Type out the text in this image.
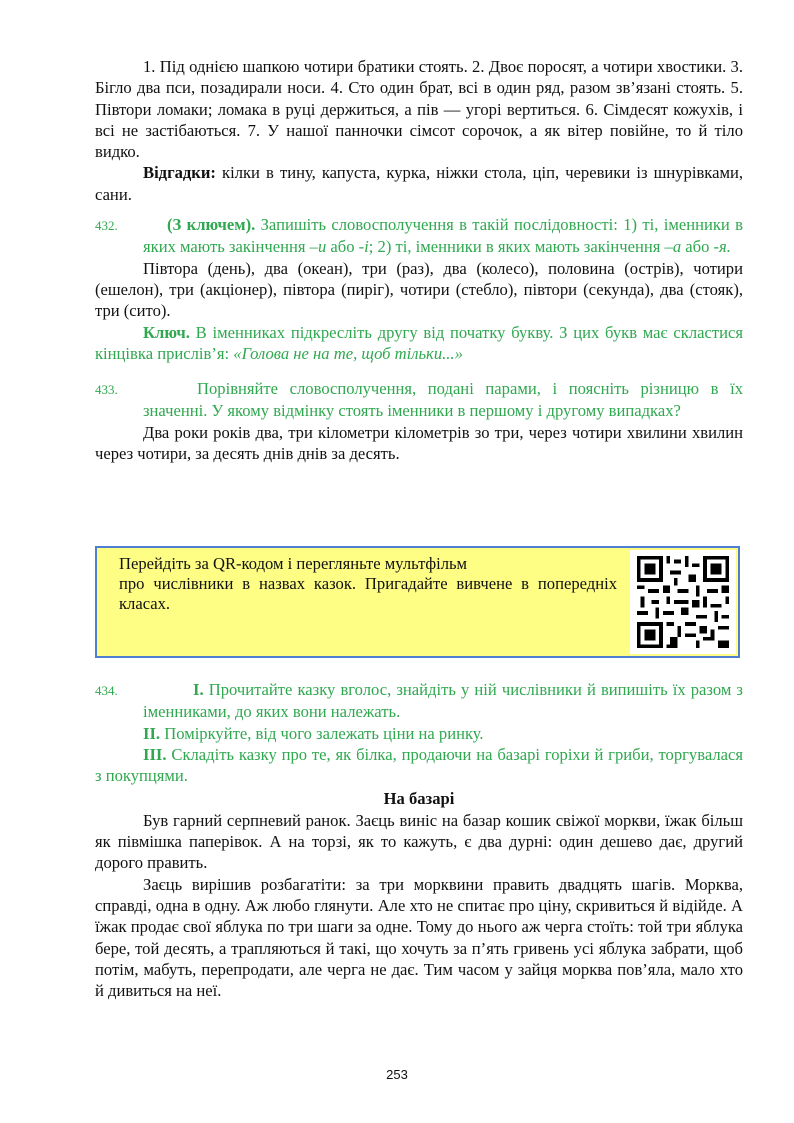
1. Під однією шапкою чотири братики стоять. 2. Двоє поросят, а чотири хвостики. 3. Бігло два пси, позадирали носи. 4. Сто один брат, всі в один ряд, разом зв’язані стоять. 5. Півтори ломаки; ломака в руці держиться, а пів — угорі вертиться. 6. Сімдесят кожухів, і всі не застібаються. 7. У нашої панночки сімсот сорочок, а як вітер повійне, то й тіло видко.

Відгадки: кілки в тину, капуста, курка, ніжки стола, ціп, черевики із шнурівками, сани.

432.	(З ключем). Запишіть словосполучення в такій послідовності: 1) ті, іменники в яких мають закінчення –и або -і; 2) ті, іменники в яких мають закінчення –а або -я.

Півтора (день), два (океан), три (раз), два (колесо), половина (острів), чотири (ешелон), три (акціонер), півтора (пиріг), чотири (стебло), півтори (секунда), два (стояк), три (сито).

Ключ. В іменниках підкресліть другу від початку букву. З цих букв має скластися кінцівка прислів’я: «Голова не на те, щоб тільки...»

433.	Порівняйте словосполучення, подані парами, і поясніть різницю в їх значенні. У якому відмінку стоять іменники в першому і другому випадках?

Два роки років два, три кілометри кілометрів зо три, через чотири хвилини хвилин через чотири, за десять днів днів за десять.

Перейдіть за QR-кодом і перегляньте мультфільм
про числівники в назвах казок. Пригадайте вивчене в попередніх класах.

434.	І. Прочитайте казку вголос, знайдіть у ній числівники й випишіть їх разом з іменниками, до яких вони належать.

ІІ. Поміркуйте, від чого залежать ціни на ринку.

ІІІ. Складіть казку про те, як білка, продаючи на базарі горіхи й гриби, торгувалася з покупцями.

На базарі

Був гарний серпневий ранок. Заєць виніс на базар кошик свіжої моркви, їжак більш як півмішка паперівок. А на торзі, як то кажуть, є два дурні: один дешево дає, другий дорого править.

Заєць вирішив розбагатіти: за три морквини править двадцять шагів. Морква, справді, одна в одну. Аж любо глянути. Але хто не спитає про ціну, скривиться й відійде. А їжак продає свої яблука по три шаги за одне. Тому до нього аж черга стоїть: той три яблука бере, той десять, а трапляються й такі, що хочуть за п’ять гривень усі яблука забрати, щоб потім, мабуть, перепродати, але черга не дає. Тим часом у зайця морква пов’яла, мало хто й дивиться на неї.

253
